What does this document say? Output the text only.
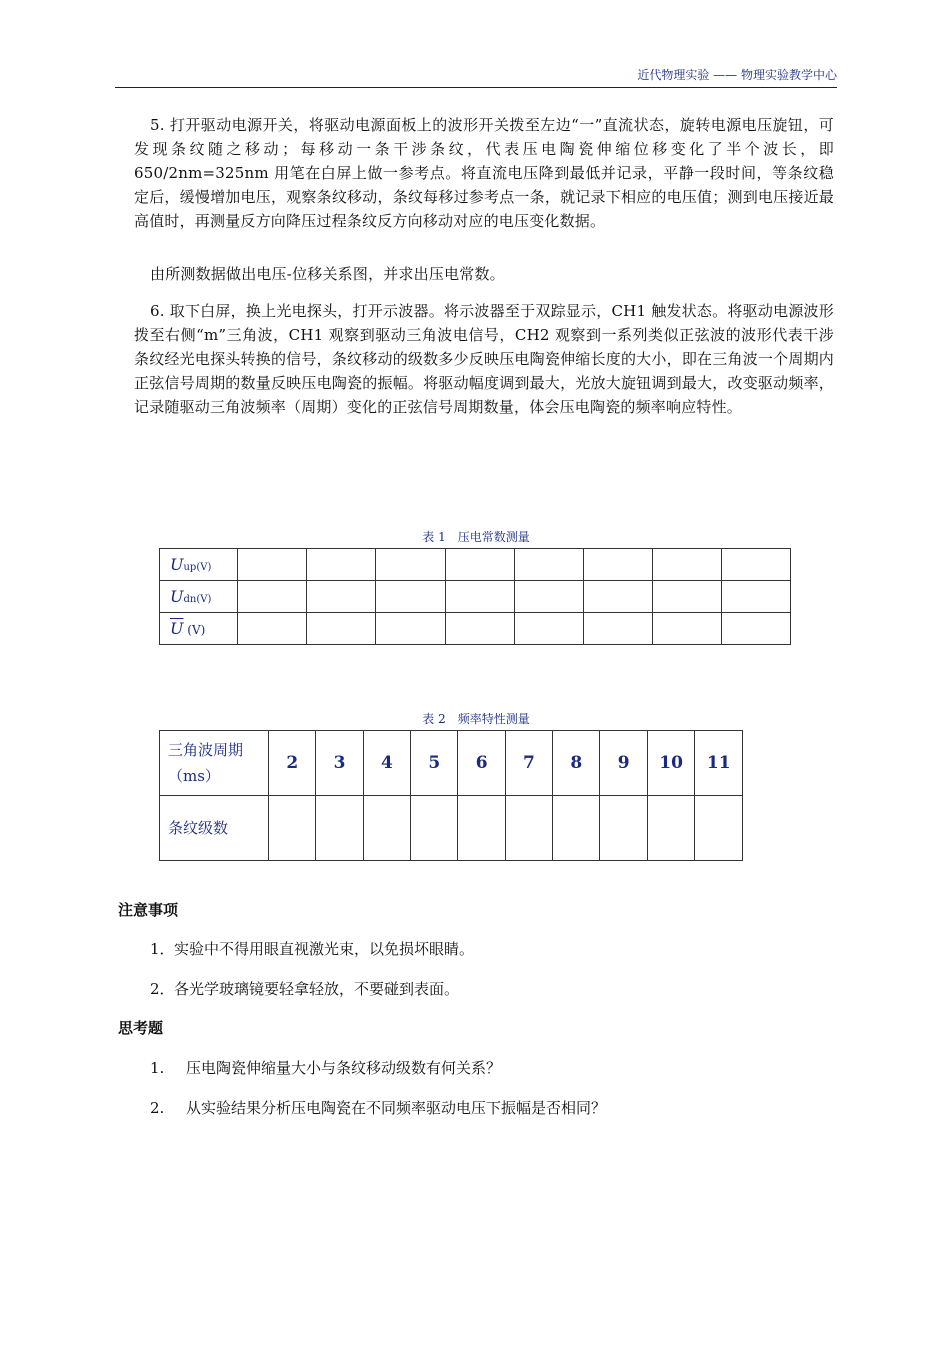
近代物理实验 —— 物理实验教学中心

5. 打开驱动电源开关，将驱动电源面板上的波形开关拨至左边“一”直流状态，旋转电源电压旋钮，可发现条纹随之移动；每移动一条干涉条纹，代表压电陶瓷伸缩位移变化了半个波长，即650/2nm=325nm 用笔在白屏上做一参考点。将直流电压降到最低并记录，平静一段时间，等条纹稳定后，缓慢增加电压，观察条纹移动，条纹每移过参考点一条，就记录下相应的电压值；测到电压接近最高值时，再测量反方向降压过程条纹反方向移动对应的电压变化数据。

由所测数据做出电压-位移关系图，并求出压电常数。

6. 取下白屏，换上光电探头，打开示波器。将示波器至于双踪显示，CH1 触发状态。将驱动电源波形拨至右侧“m”三角波，CH1 观察到驱动三角波电信号，CH2 观察到一系列类似正弦波的波形代表干涉条纹经光电探头转换的信号，条纹移动的级数多少反映压电陶瓷伸缩长度的大小，即在三角波一个周期内正弦信号周期的数量反映压电陶瓷的振幅。将驱动幅度调到最大，光放大旋钮调到最大，改变驱动频率，记录随驱动三角波频率（周期）变化的正弦信号周期数量，体会压电陶瓷的频率响应特性。

表 1　压电常数测量
Uup(V)								
Udn(V)								
$\overline{U}$ (V)								
表 2　频率特性测量
三角波周期
（ms）	2	3	4	5	6	7	8	9	10	11
条纹级数										
注意事项
1．实验中不得用眼直视激光束，以免损坏眼睛。
2．各光学玻璃镜要轻拿轻放，不要碰到表面。
思考题
1. 压电陶瓷伸缩量大小与条纹移动级数有何关系？
2. 从实验结果分析压电陶瓷在不同频率驱动电压下振幅是否相同？
